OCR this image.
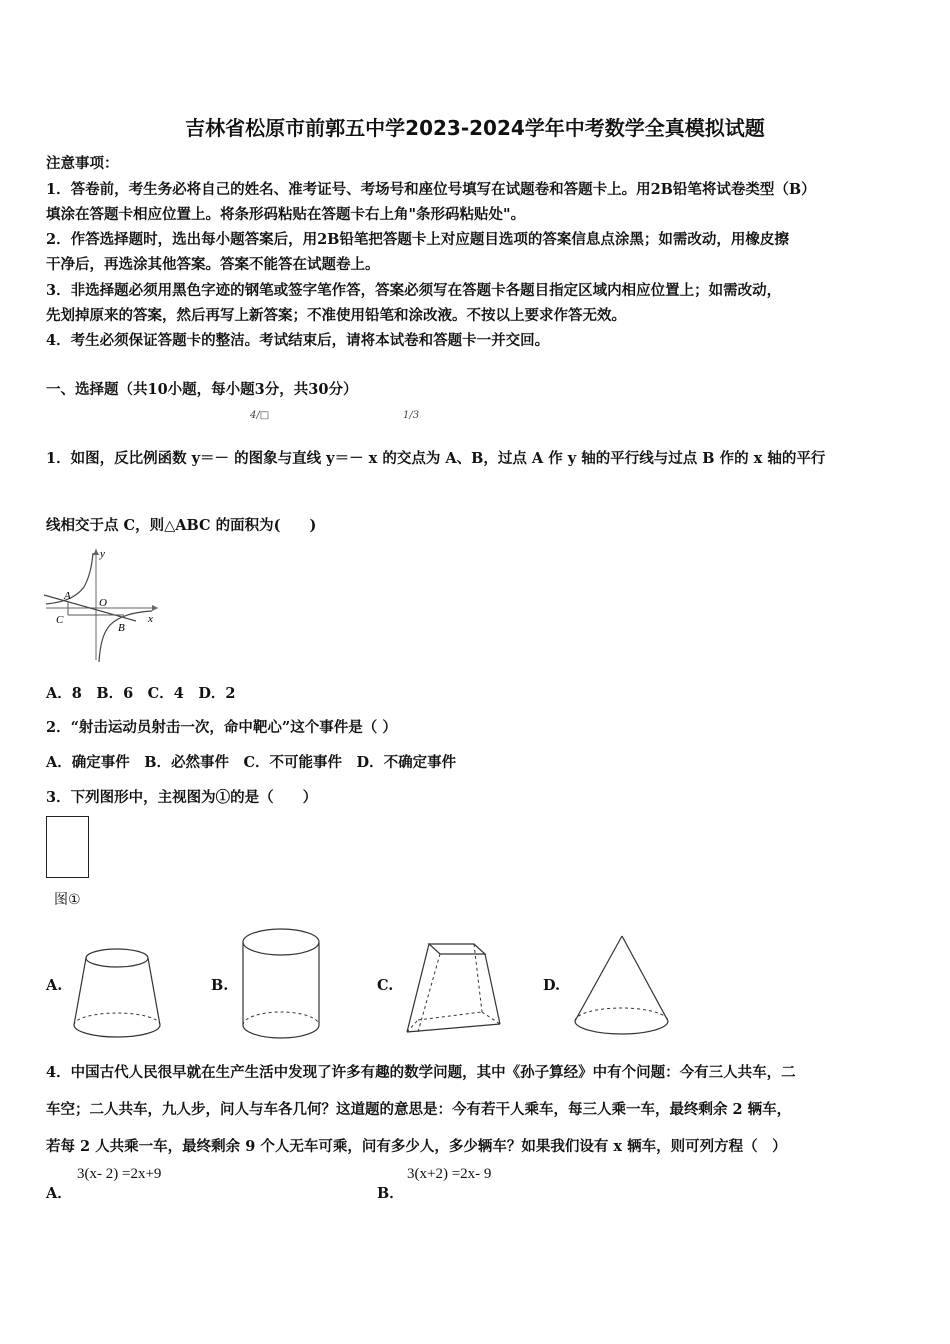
吉林省松原市前郭五中学2023-2024学年中考数学全真模拟试题
注意事项：
1．答卷前，考生务必将自己的姓名、准考证号、考场号和座位号填写在试题卷和答题卡上。用2B铅笔将试卷类型（B）
填涂在答题卡相应位置上。将条形码粘贴在答题卡右上角"条形码粘贴处"。
2．作答选择题时，选出每小题答案后，用2B铅笔把答题卡上对应题目选项的答案信息点涂黑；如需改动，用橡皮擦
干净后，再选涂其他答案。答案不能答在试题卷上。
3．非选择题必须用黑色字迹的钢笔或签字笔作答，答案必须写在答题卡各题目指定区域内相应位置上；如需改动，
先划掉原来的答案，然后再写上新答案；不准使用铅笔和涂改液。不按以上要求作答无效。
4．考生必须保证答题卡的整洁。考试结束后，请将本试卷和答题卡一并交回。
一、选择题（共10小题，每小题3分，共30分）
4/□	1/3
1．如图，反比例函数 y＝－ 的图象与直线 y＝－ x 的交点为 A、B，过点 A 作 y 轴的平行线与过点 B 作的 x 轴的平行
线相交于点 C，则△ABC 的面积为(　　)
y
x
A
O
C
B
A．8　B．6　C．4　D．2
2．“射击运动员射击一次，命中靶心”这个事件是（ ）
A．确定事件　B．必然事件　C．不可能事件　D．不确定事件
3．下列图形中，主视图为①的是（　　）
图①
A.	B.	C.	D.
4．中国古代人民很早就在生产生活中发现了许多有趣的数学问题，其中《孙子算经》中有个问题：今有三人共车，二
车空；二人共车，九人步，问人与车各几何？这道题的意思是：今有若干人乘车，每三人乘一车，最终剩余 2 辆车，
若每 2 人共乘一车，最终剩余 9 个人无车可乘，问有多少人，多少辆车？如果我们设有 x 辆车，则可列方程（　）
A．
3(x- 2) =2x+9
B．
3(x+2) =2x- 9
